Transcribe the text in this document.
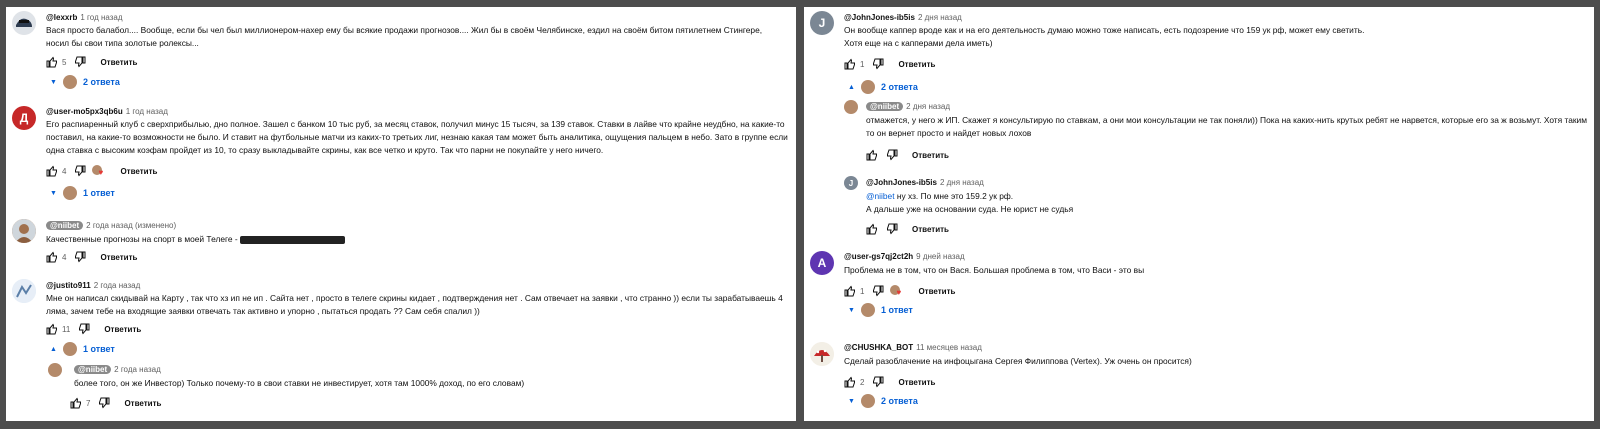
@lexxrb 1 год назад
Вася просто балабол.... Вообще, если бы чел был миллионером-нахер ему бы всякие продажи прогнозов.... Жил бы в своём Челябинске, ездил на своём битом пятилетнем Стингере, носил бы свои типа золотые ролексы...
5	Ответить
▼	2 ответа
Д @user-mo5px3qb6u 1 год назад
Его распиаренный клуб с сверхприбылью, дно полное. Зашел с банком 10 тыс руб, за месяц ставок, получил минус 15 тысяч, за 139 ставок. Ставки в лайве что крайне неудбно, на какие-то поставил, на какие-то возможности не было. И ставит на футбольные матчи из каких-то третьих лиг, незнаю какая там может быть аналитика, ощущения пальцем в небо. Зато в группе если одна ставка с высоким коэфам пройдет из 10, то сразу выкладывайте скрины, как все четко и круто. Так что парни не покупайте у него ничего.
4	♥ Ответить
▼	1 ответ
@niibet 2 года назад (изменено)
Качественные прогнозы на спорт в моей Телеге -
4	Ответить
@justito911 2 года назад
Мне он написал скидывай на Карту , так что хз ип не ип . Сайта нет , просто в телеге скрины кидает , подтверждения нет . Сам отвечает на заявки , что странно )) если ты зарабатываешь 4 ляма, зачем тебе на входящие заявки отвечать так активно и упорно , пытаться продать ?? Сам себя спалил ))
11	Ответить
▲	1 ответ
@niibet 2 года назад
более того, он же Инвестор) Только почему-то в свои ставки не инвестирует, хотя там 1000% доход, по его словам)
7	Ответить
J @JohnJones-ib5is 2 дня назад
Он вообще каппер вроде как и на его деятельность думаю можно тоже написать, есть подозрение что 159 ук рф, может ему светить.
Хотя еще на с капперами дела иметь)
1	Ответить
▲	2 ответа
@niibet 2 дня назад
отмажется, у него ж ИП. Скажет я консультирую по ставкам, а они мои консультации не так поняли)) Пока на каких-нить крутых ребят не нарвется, которые его за ж возьмут. Хотя таким то он вернет просто и найдет новых лохов
Ответить
J @JohnJones-ib5is 2 дня назад
@niibet ну хз. По мне это 159.2 ук рф.
А дальше уже на основании суда. Не юрист не судья
Ответить
A @user-gs7qj2ct2h 9 дней назад
Проблема не в том, что он Вася. Большая проблема в том, что Васи - это вы
1	♥ Ответить
▼	1 ответ
@CHUSHKA_BOT 11 месяцев назад
Сделай разоблачение на инфоцыгана Сергея Филиппова (Vertex). Уж очень он просится)
2	Ответить
▼	2 ответа
